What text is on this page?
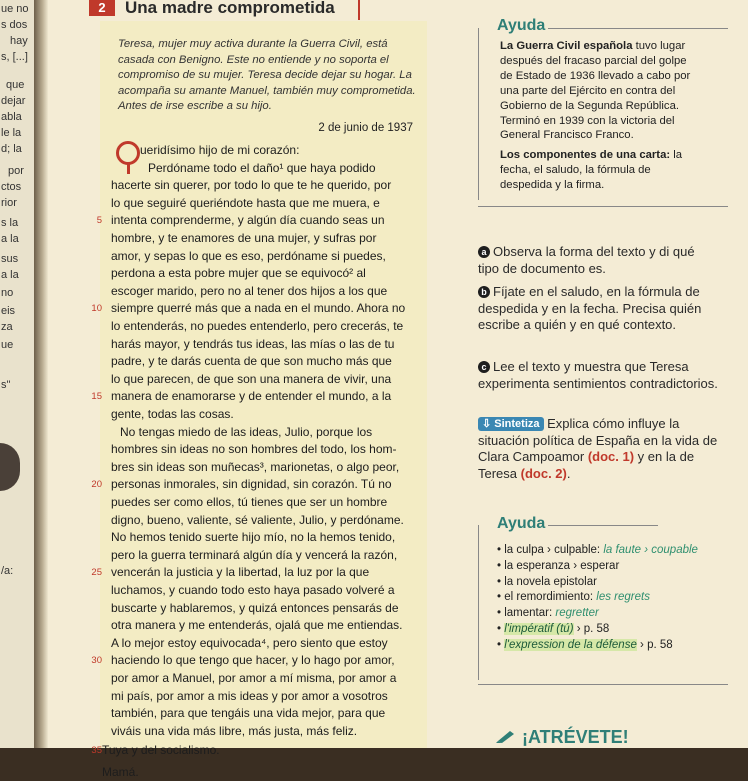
ue no
s dos
hay
s, [...]
que
dejar
abla
le la
d; la
por
ctos
rior
s la
a la
sus
a la
no
eis
za
ue
s"
/a:
2	Una madre comprometida
Teresa, mujer muy activa durante la Guerra Civil, está casada con Benigno. Este no entiende y no soporta el compromiso de su mujer. Teresa decide dejar su hogar. La acompaña su amante Manuel, también muy comprometida. Antes de irse escribe a su hijo.
2 de junio de 1937
ueridísimo hijo de mi corazón:
Perdóname todo el daño¹ que haya podido
hacerte sin querer, por todo lo que te he querido, por
lo que seguiré queriéndote hasta que me muera, e
intenta comprenderme, y algún día cuando seas un
hombre, y te enamores de una mujer, y sufras por
amor, y sepas lo que es eso, perdóname si puedes,
perdona a esta pobre mujer que se equivocó² al
escoger marido, pero no al tener dos hijos a los que
siempre querré más que a nada en el mundo. Ahora no
lo entenderás, no puedes entenderlo, pero crecerás, te
harás mayor, y tendrás tus ideas, las mías o las de tu
padre, y te darás cuenta de que son mucho más que
lo que parecen, de que son una manera de vivir, una
manera de enamorarse y de entender el mundo, a la
gente, todas las cosas.
No tengas miedo de las ideas, Julio, porque los
hombres sin ideas no son hombres del todo, los hom-
bres sin ideas son muñecas³, marionetas, o algo peor,
personas inmorales, sin dignidad, sin corazón. Tú no
puedes ser como ellos, tú tienes que ser un hombre
digno, bueno, valiente, sé valiente, Julio, y perdóname.
No hemos tenido suerte hijo mío, no la hemos tenido,
pero la guerra terminará algún día y vencerá la razón,
vencerán la justicia y la libertad, la luz por la que
luchamos, y cuando todo esto haya pasado volveré a
buscarte y hablaremos, y quizá entonces pensarás de
otra manera y me entenderás, ojalá que me entiendas.
A lo mejor estoy equivocada⁴, pero siento que estoy
haciendo lo que tengo que hacer, y lo hago por amor,
por amor a Manuel, por amor a mí misma, por amor a
mi país, por amor a mis ideas y por amor a vosotros
también, para que tengáis una vida mejor, para que
viváis una vida más libre, más justa, más feliz.
Tuya y del socialismo.
Mamá.
5
10
15
20
25
30
35
Ayuda
La Guerra Civil española tuvo lugar después del fracaso parcial del golpe de Estado de 1936 llevado a cabo por una parte del Ejército en contra del Gobierno de la Segunda República. Terminó en 1939 con la victoria del General Francisco Franco.
Los componentes de una carta: la fecha, el saludo, la fórmula de despedida y la firma.
a Observa la forma del texto y di qué tipo de documento es.
b Fíjate en el saludo, en la fórmula de despedida y en la fecha. Precisa quién escribe a quién y en qué contexto.
c Lee el texto y muestra que Teresa experimenta sentimientos contradictorios.
⇩ Sintetiza Explica cómo influye la situación política de España en la vida de Clara Campoamor (doc. 1) y en la de Teresa (doc. 2).
Ayuda
• la culpa › culpable: la faute › coupable
• la esperanza › esperar
• la novela epistolar
• el remordimiento: les regrets
• lamentar: regretter
• l'impératif (tú) › p. 58
• l'expression de la défense › p. 58
¡ATRÉVETE!
